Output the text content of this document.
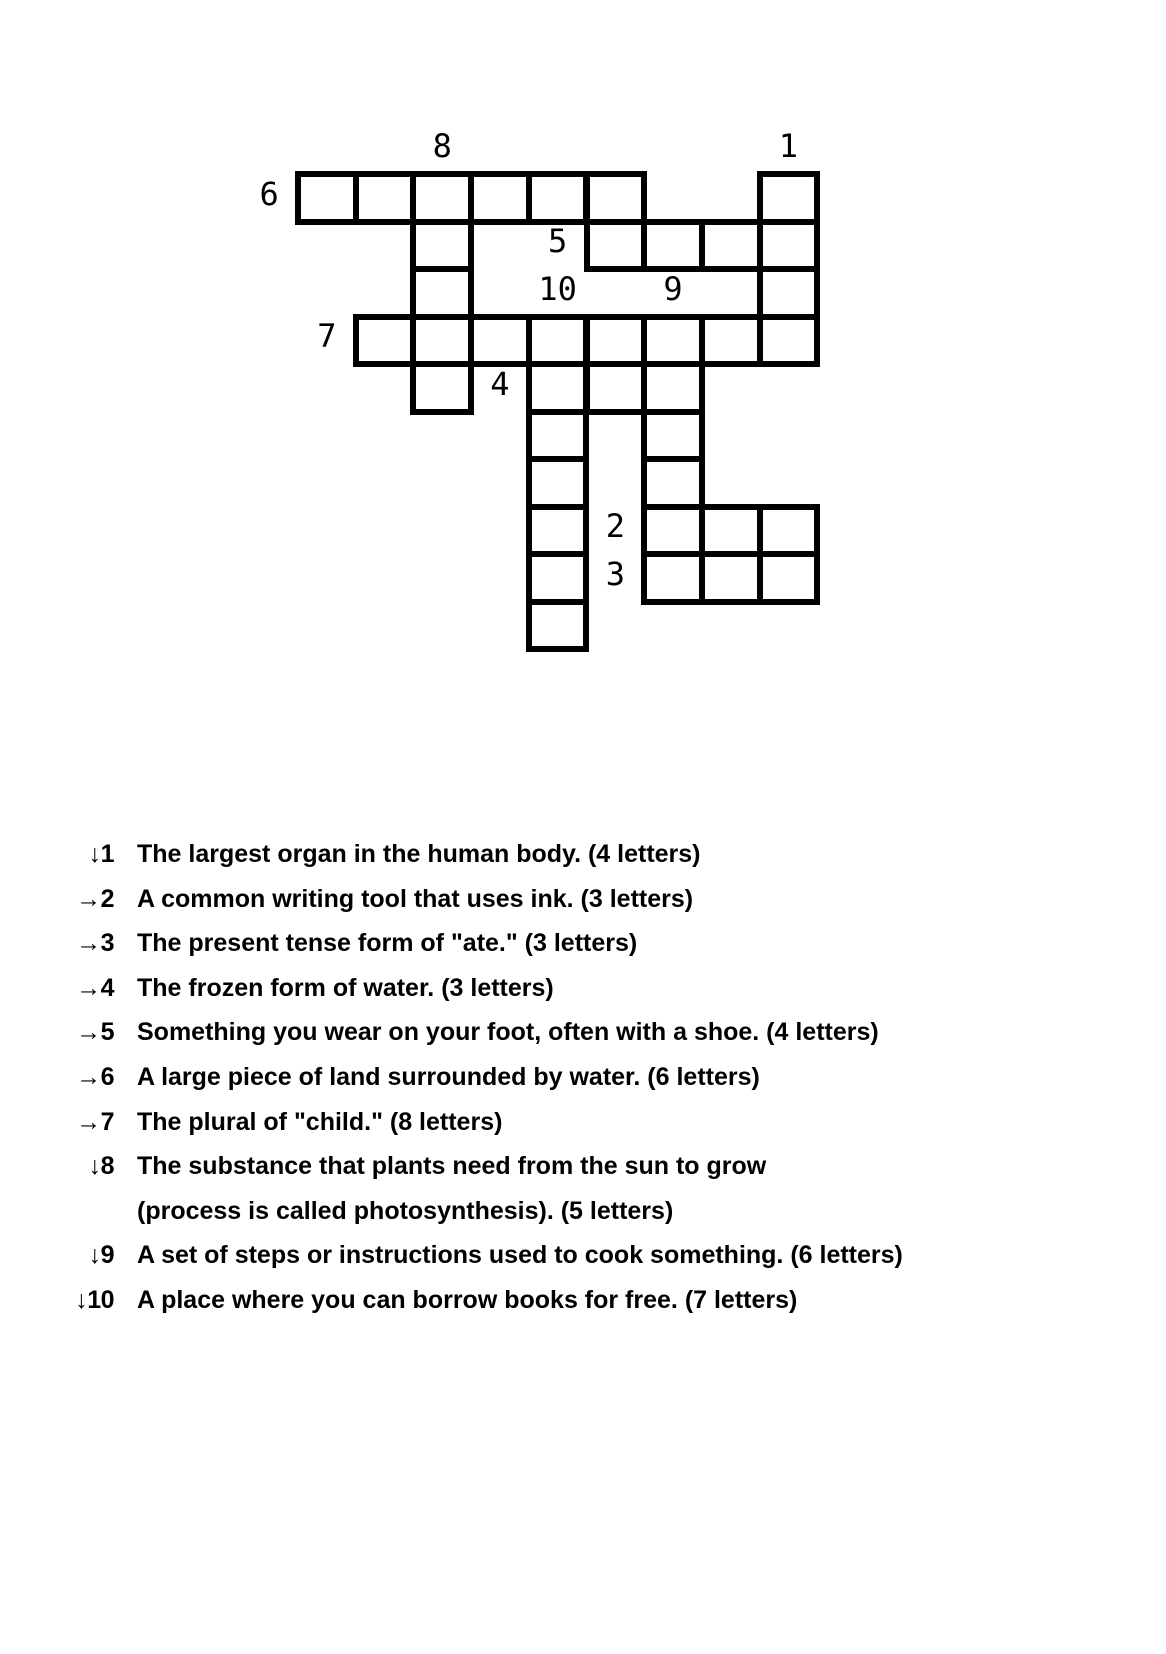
8	1
6
5
10	9
7
4
2
3
↓1 The largest organ in the human body. (4 letters)
→2 A common writing tool that uses ink. (3 letters)
→3 The present tense form of "ate." (3 letters)
→4 The frozen form of water. (3 letters)
→5 Something you wear on your foot, often with a shoe. (4 letters)
→6 A large piece of land surrounded by water. (6 letters)
→7 The plural of "child." (8 letters)
↓8 The substance that plants need from the sun to grow
(process is called photosynthesis). (5 letters)
↓9 A set of steps or instructions used to cook something. (6 letters)
↓10 A place where you can borrow books for free. (7 letters)
